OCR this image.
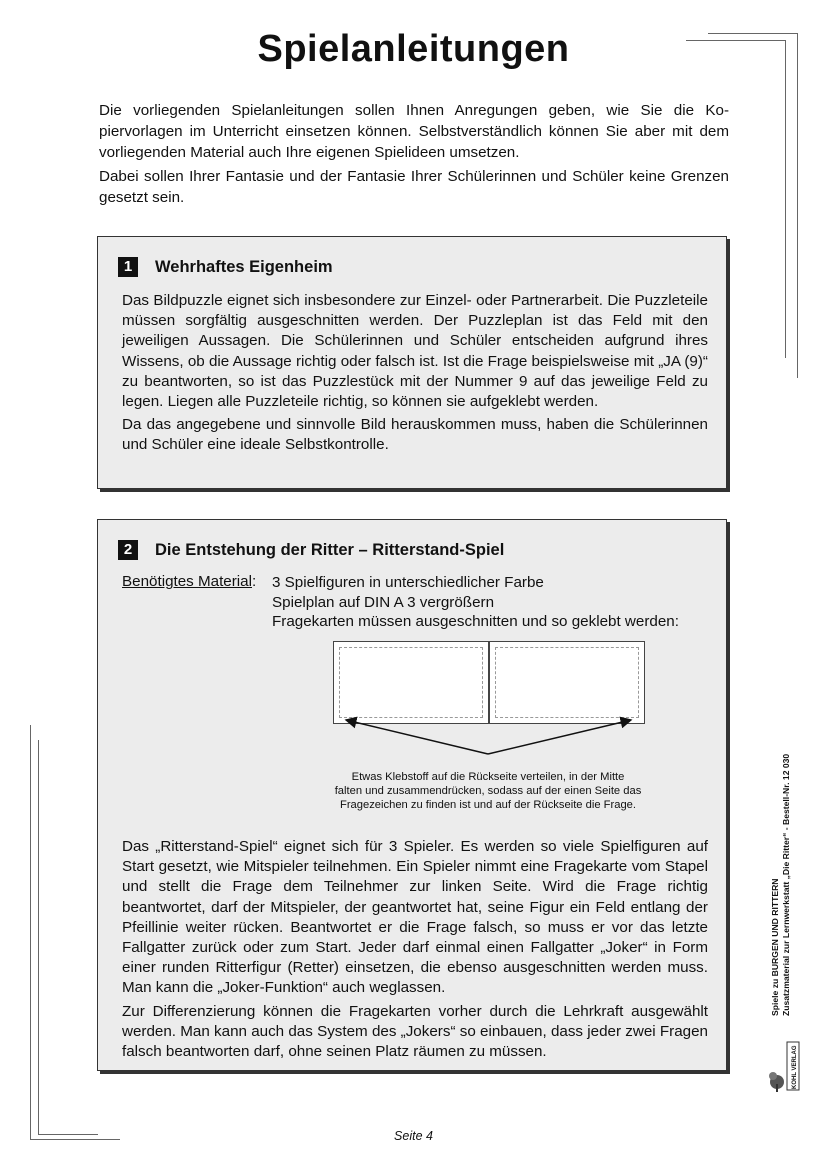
Spielanleitungen

Die vorliegenden Spielanleitungen sollen Ihnen Anregungen geben, wie Sie die Kopiervorlagen im Unterricht einsetzen können. Selbstverständlich können Sie aber mit dem vorliegenden Material auch Ihre eigenen Spielideen umsetzen.

Dabei sollen Ihrer Fantasie und der Fantasie Ihrer Schülerinnen und Schüler keine Grenzen gesetzt sein.

1	Wehrhaftes Eigenheim

Das Bildpuzzle eignet sich insbesondere zur Einzel- oder Partnerarbeit. Die Puzzleteile müssen sorgfältig ausgeschnitten werden. Der Puzzleplan ist das Feld mit den jeweiligen Aussagen. Die Schülerinnen und Schüler entscheiden aufgrund ihres Wissens, ob die Aussage richtig oder falsch ist. Ist die Frage beispielsweise mit „JA (9)“ zu beantworten, so ist das Puzzlestück mit der Nummer 9 auf das jeweilige Feld zu legen. Liegen alle Puzzleteile richtig, so können sie aufgeklebt werden.

Da das angegebene und sinnvolle Bild herauskommen muss, haben die Schülerinnen und Schüler eine ideale Selbstkontrolle.

2	Die Entstehung der Ritter – Ritterstand-Spiel
Benötigtes Material: 3 Spielfiguren in unterschiedlicher Farbe
Spielplan auf DIN A 3 vergrößern
Fragekarten müssen ausgeschnitten und so geklebt werden:
Etwas Klebstoff auf die Rückseite verteilen, in der Mitte
falten und zusammendrücken, sodass auf der einen Seite das
Fragezeichen zu finden ist und auf der Rückseite die Frage.

Das „Ritterstand-Spiel“ eignet sich für 3 Spieler. Es werden so viele Spielfiguren auf Start gesetzt, wie Mitspieler teilnehmen. Ein Spieler nimmt eine Fragekarte vom Stapel und stellt die Frage dem Teilnehmer zur linken Seite. Wird die Frage richtig beantwortet, darf der Mitspieler, der geantwortet hat, seine Figur ein Feld entlang der Pfeillinie weiter rücken. Beantwortet er die Frage falsch, so muss er vor das letzte Fallgatter zurück oder zum Start. Jeder darf einmal einen Fallgatter „Joker“ in Form einer runden Ritterfigur (Retter) einsetzen, die ebenso ausgeschnitten werden muss. Man kann die „Joker-Funktion“ auch weglassen.

Zur Differenzierung können die Fragekarten vorher durch die Lehrkraft ausgewählt werden. Man kann auch das System des „Jokers“ so einbauen, dass jeder zwei Fragen falsch beantworten darf, ohne seinen Platz räumen zu müssen.

Spiele zu BURGEN UND RITTERN Zusatzmaterial zur Lernwerkstatt „Die Ritter“ - Bestell-Nr. 12 030
KOHL VERLAG
Seite 4
